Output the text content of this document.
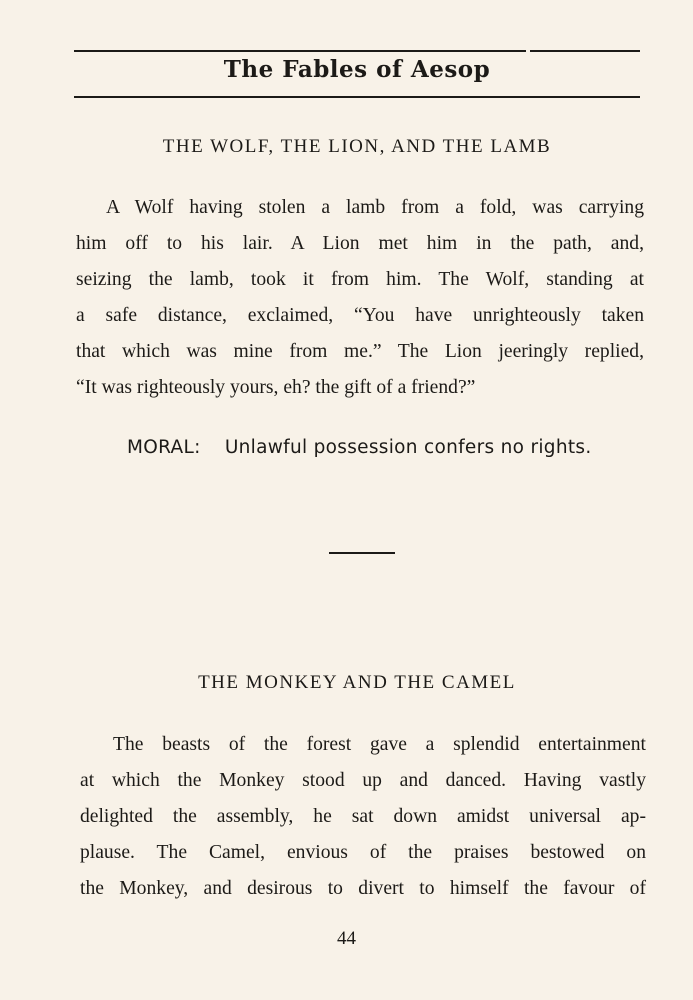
The Fables of Aesop
THE WOLF, THE LION, AND THE LAMB
A Wolf having stolen a lamb from a fold, was carrying
him off to his lair. A Lion met him in the path, and,
seizing the lamb, took it from him. The Wolf, standing at
a safe distance, exclaimed, “You have unrighteously taken
that which was mine from me.” The Lion jeeringly replied,
“It was righteously yours, eh? the gift of a friend?”
MORAL: Unlawful possession confers no rights.
THE MONKEY AND THE CAMEL
The beasts of the forest gave a splendid entertainment
at which the Monkey stood up and danced. Having vastly
delighted the assembly, he sat down amidst universal ap-
plause. The Camel, envious of the praises bestowed on
the Monkey, and desirous to divert to himself the favour of
44
